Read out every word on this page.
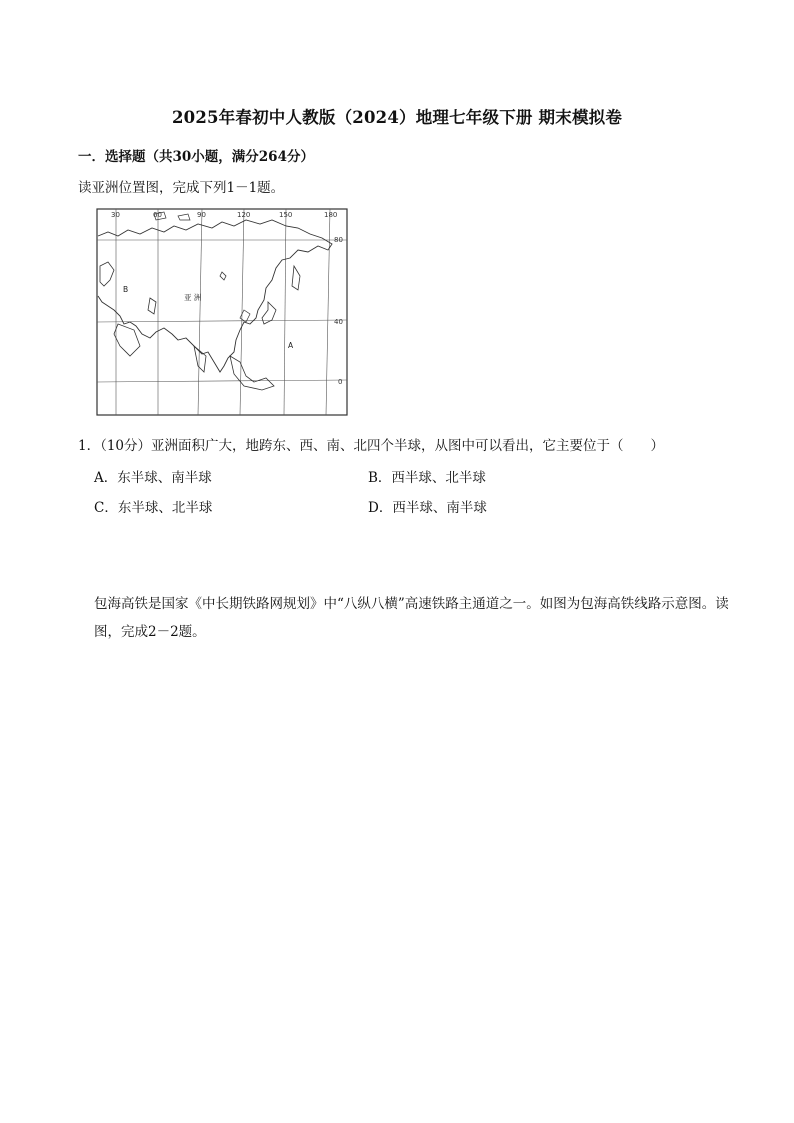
2025年春初中人教版（2024）地理七年级下册 期末模拟卷
一．选择题（共30小题，满分264分）
读亚洲位置图，完成下列1－1题。
B
亚 洲
A
30	60	90	120	150	180
80
40
0
1．（10分）亚洲面积广大，地跨东、西、南、北四个半球，从图中可以看出，它主要位于（　　）
A．东半球、南半球	B．西半球、北半球
C．东半球、北半球	D．西半球、南半球
包海高铁是国家《中长期铁路网规划》中“八纵八横”高速铁路主通道之一。如图为包海高铁线路示意图。读图，完成2－2题。
